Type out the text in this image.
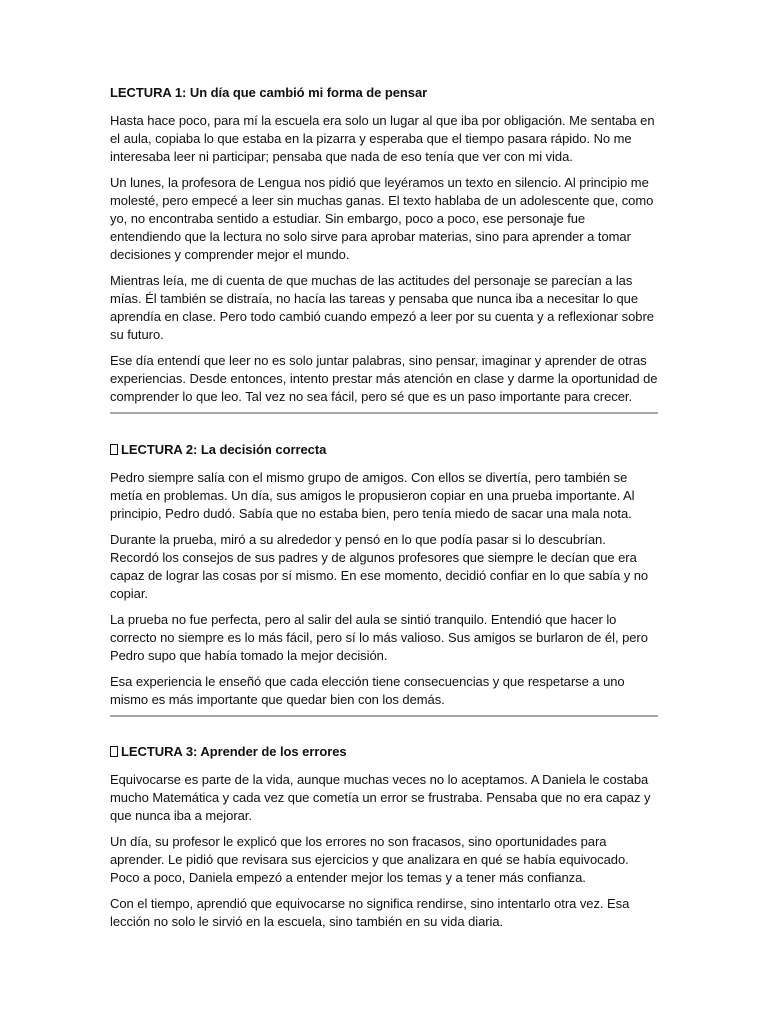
LECTURA 1: Un día que cambió mi forma de pensar

Hasta hace poco, para mí la escuela era solo un lugar al que iba por obligación. Me sentaba en el aula, copiaba lo que estaba en la pizarra y esperaba que el tiempo pasara rápido. No me interesaba leer ni participar; pensaba que nada de eso tenía que ver con mi vida.

Un lunes, la profesora de Lengua nos pidió que leyéramos un texto en silencio. Al principio me molesté, pero empecé a leer sin muchas ganas. El texto hablaba de un adolescente que, como yo, no encontraba sentido a estudiar. Sin embargo, poco a poco, ese personaje fue entendiendo que la lectura no solo sirve para aprobar materias, sino para aprender a tomar decisiones y comprender mejor el mundo.

Mientras leía, me di cuenta de que muchas de las actitudes del personaje se parecían a las mías. Él también se distraía, no hacía las tareas y pensaba que nunca iba a necesitar lo que aprendía en clase. Pero todo cambió cuando empezó a leer por su cuenta y a reflexionar sobre su futuro.

Ese día entendí que leer no es solo juntar palabras, sino pensar, imaginar y aprender de otras experiencias. Desde entonces, intento prestar más atención en clase y darme la oportunidad de comprender lo que leo. Tal vez no sea fácil, pero sé que es un paso importante para crecer.

LECTURA 2: La decisión correcta

Pedro siempre salía con el mismo grupo de amigos. Con ellos se divertía, pero también se metía en problemas. Un día, sus amigos le propusieron copiar en una prueba importante. Al principio, Pedro dudó. Sabía que no estaba bien, pero tenía miedo de sacar una mala nota.

Durante la prueba, miró a su alrededor y pensó en lo que podía pasar si lo descubrían. Recordó los consejos de sus padres y de algunos profesores que siempre le decían que era capaz de lograr las cosas por sí mismo. En ese momento, decidió confiar en lo que sabía y no copiar.

La prueba no fue perfecta, pero al salir del aula se sintió tranquilo. Entendió que hacer lo correcto no siempre es lo más fácil, pero sí lo más valioso. Sus amigos se burlaron de él, pero Pedro supo que había tomado la mejor decisión.

Esa experiencia le enseñó que cada elección tiene consecuencias y que respetarse a uno mismo es más importante que quedar bien con los demás.

LECTURA 3: Aprender de los errores

Equivocarse es parte de la vida, aunque muchas veces no lo aceptamos. A Daniela le costaba mucho Matemática y cada vez que cometía un error se frustraba. Pensaba que no era capaz y que nunca iba a mejorar.

Un día, su profesor le explicó que los errores no son fracasos, sino oportunidades para aprender. Le pidió que revisara sus ejercicios y que analizara en qué se había equivocado. Poco a poco, Daniela empezó a entender mejor los temas y a tener más confianza.

Con el tiempo, aprendió que equivocarse no significa rendirse, sino intentarlo otra vez. Esa lección no solo le sirvió en la escuela, sino también en su vida diaria.
